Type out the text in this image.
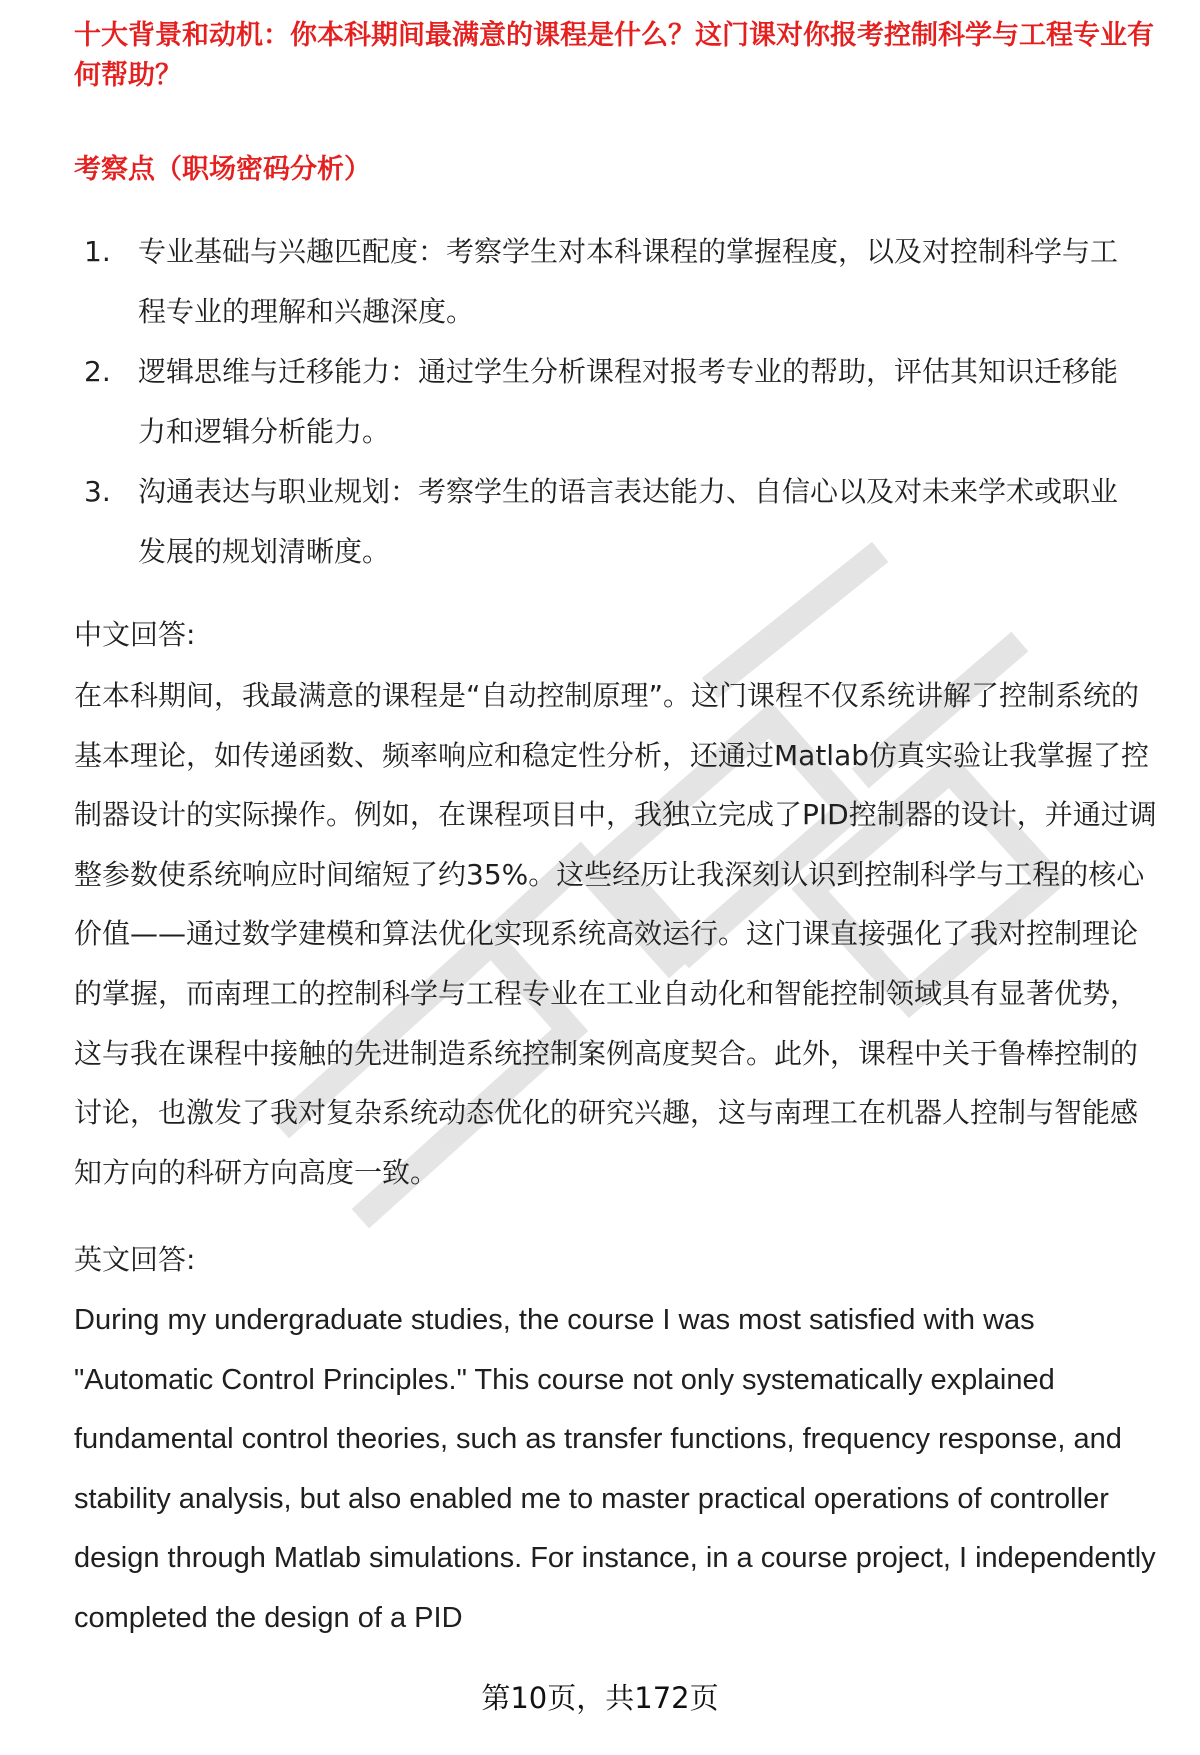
十大背景和动机：你本科期间最满意的课程是什么？这门课对你报考控制科学与工程专业有何帮助？
考察点（职场密码分析）
1. 专业基础与兴趣匹配度：考察学生对本科课程的掌握程度，以及对控制科学与工程专业的理解和兴趣深度。
2. 逻辑思维与迁移能力：通过学生分析课程对报考专业的帮助，评估其知识迁移能力和逻辑分析能力。
3. 沟通表达与职业规划：考察学生的语言表达能力、自信心以及对未来学术或职业发展的规划清晰度。

中文回答:

在本科期间，我最满意的课程是“自动控制原理”。这门课程不仅系统讲解了控制系统的基本理论，如传递函数、频率响应和稳定性分析，还通过Matlab仿真实验让我掌握了控制器设计的实际操作。例如，在课程项目中，我独立完成了PID控制器的设计，并通过调整参数使系统响应时间缩短了约35%。这些经历让我深刻认识到控制科学与工程的核心价值——通过数学建模和算法优化实现系统高效运行。这门课直接强化了我对控制理论的掌握，而南理工的控制科学与工程专业在工业自动化和智能控制领域具有显著优势，这与我在课程中接触的先进制造系统控制案例高度契合。此外，课程中关于鲁棒控制的讨论，也激发了我对复杂系统动态优化的研究兴趣，这与南理工在机器人控制与智能感知方向的科研方向高度一致。

英文回答:

During my undergraduate studies, the course I was most satisfied with was "Automatic Control Principles." This course not only systematically explained fundamental control theories, such as transfer functions, frequency response, and stability analysis, but also enabled me to master practical operations of controller design through Matlab simulations. For instance, in a course project, I independently completed the design of a PID

第10页，共172页
